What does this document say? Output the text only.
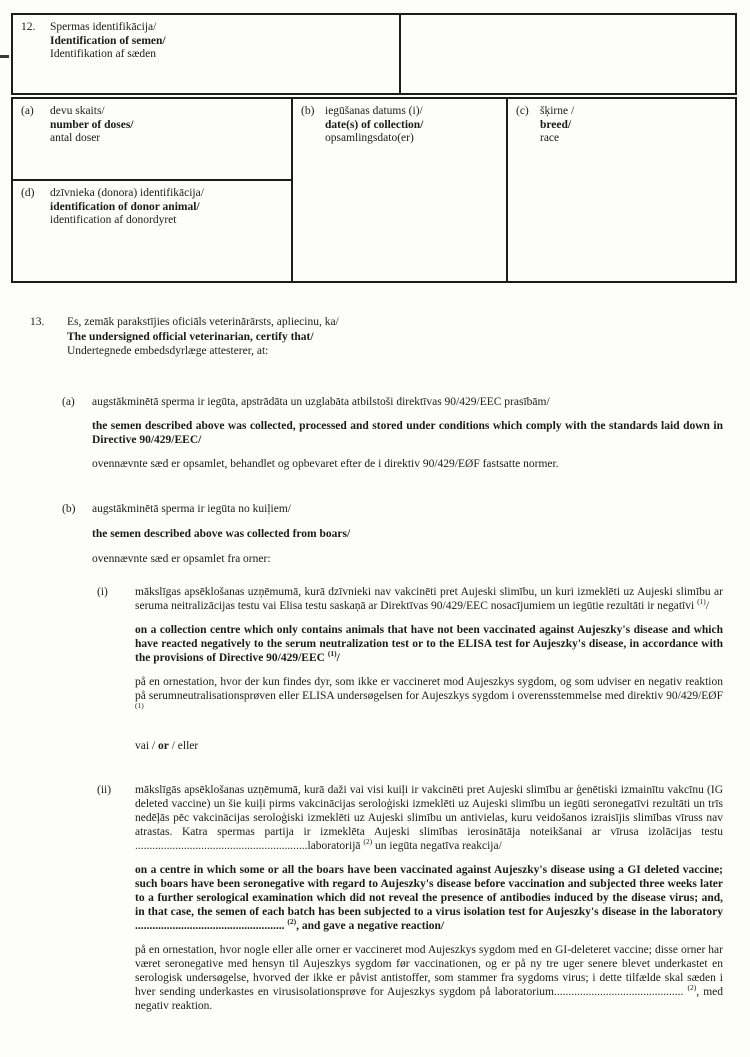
12.	Spermas identifikācija/
Identification of semen/
Identifikation af sæden
(a)	devu skaits/
number of doses/
antal doser
(d)	dzīvnieka (donora) identifikācija/
identification of donor animal/
identification af donordyret
(b) iegūšanas datums (i)/
date(s) of collection/
opsamlingsdato(er)
(c) šķirne /
breed/
race
13.	Es, zemāk parakstījies oficiāls veterinārārsts, apliecinu, ka/
The undersigned official veterinarian, certify that/
Undertegnede embedsdyrlæge attesterer, at:
(a)	augstākminētā sperma ir iegūta, apstrādāta un uzglabāta atbilstoši direktīvas 90/429/EEC prasībām/

the semen described above was collected, processed and stored under conditions which comply with the standards laid down in Directive 90/429/EEC/

ovennævnte sæd er opsamlet, behandlet og opbevaret efter de i direktiv 90/429/EØF fastsatte normer.

(b)	augstākminētā sperma ir iegūta no kuiļiem/

the semen described above was collected from boars/

ovennævnte sæd er opsamlet fra orner:

(i)	mākslīgas apsēklošanas uzņēmumā, kurā dzīvnieki nav vakcinēti pret Aujeski slimību, un kuri izmeklēti uz Aujeski slimību ar seruma neitralizācijas testu vai Elisa testu saskaņā ar Direktīvas 90/429/EEC nosacījumiem un iegūtie rezultāti ir negatīvi $^{(1)}$/

on a collection centre which only contains animals that have not been vaccinated against Aujeszky's disease and which have reacted negatively to the serum neutralization test or to the ELISA test for Aujeszky's disease, in accordance with the provisions of Directive 90/429/EEC $^{(1)}$/

på en ornestation, hvor der kun findes dyr, som ikke er vaccineret mod Aujeszkys sygdom, og som udviser en negativ reaktion på serumneutralisationsprøven eller ELISA undersøgelsen for Aujeszkys sygdom i overensstemmelse med direktiv 90/429/EØF $^{(1)}$

vai / or / eller
(ii)	mākslīgās apsēklošanas uzņēmumā, kurā daži vai visi kuiļi ir vakcinēti pret Aujeski slimību ar ģenētiski izmainītu vakcīnu (IG deleted vaccine) un šie kuiļi pirms vakcinācijas seroloģiski izmeklēti uz Aujeski slimību un iegūti seronegatīvi rezultāti un trīs nedēļās pēc vakcinācijas seroloģiski izmeklēti uz Aujeski slimību un antivielas, kuru veidošanos izraisījis slimības vīruss nav atrastas. Katra spermas partija ir izmeklēta Aujeski slimības ierosinātāja noteikšanai ar vīrusa izolācijas testu ............................................................laboratorijā $^{(2)}$ un iegūta negatīva reakcija/

on a centre in which some or all the boars have been vaccinated against Aujeszky's disease using a GI deleted vaccine; such boars have been seronegative with regard to Aujeszky's disease before vaccination and subjected three weeks later to a further serological examination which did not reveal the presence of antibodies induced by the disease virus; and, in that case, the semen of each batch has been subjected to a virus isolation test for Aujeszky's disease in the laboratory .................................................... $^{(2)}$, and gave a negative reaction/

på en ornestation, hvor nogle eller alle orner er vaccineret mod Aujeszkys sygdom med en GI-deleteret vaccine; disse orner har været seronegative med hensyn til Aujeszkys sygdom før vaccinationen, og er på ny tre uger senere blevet underkastet en serologisk undersøgelse, hvorved der ikke er påvist antistoffer, som stammer fra sygdoms virus; i dette tilfælde skal sæden i hver sending underkastes en virusisolationsprøve for Aujeszkys sygdom på laboratorium............................................. $^{(2)}$, med negativ reaktion.
